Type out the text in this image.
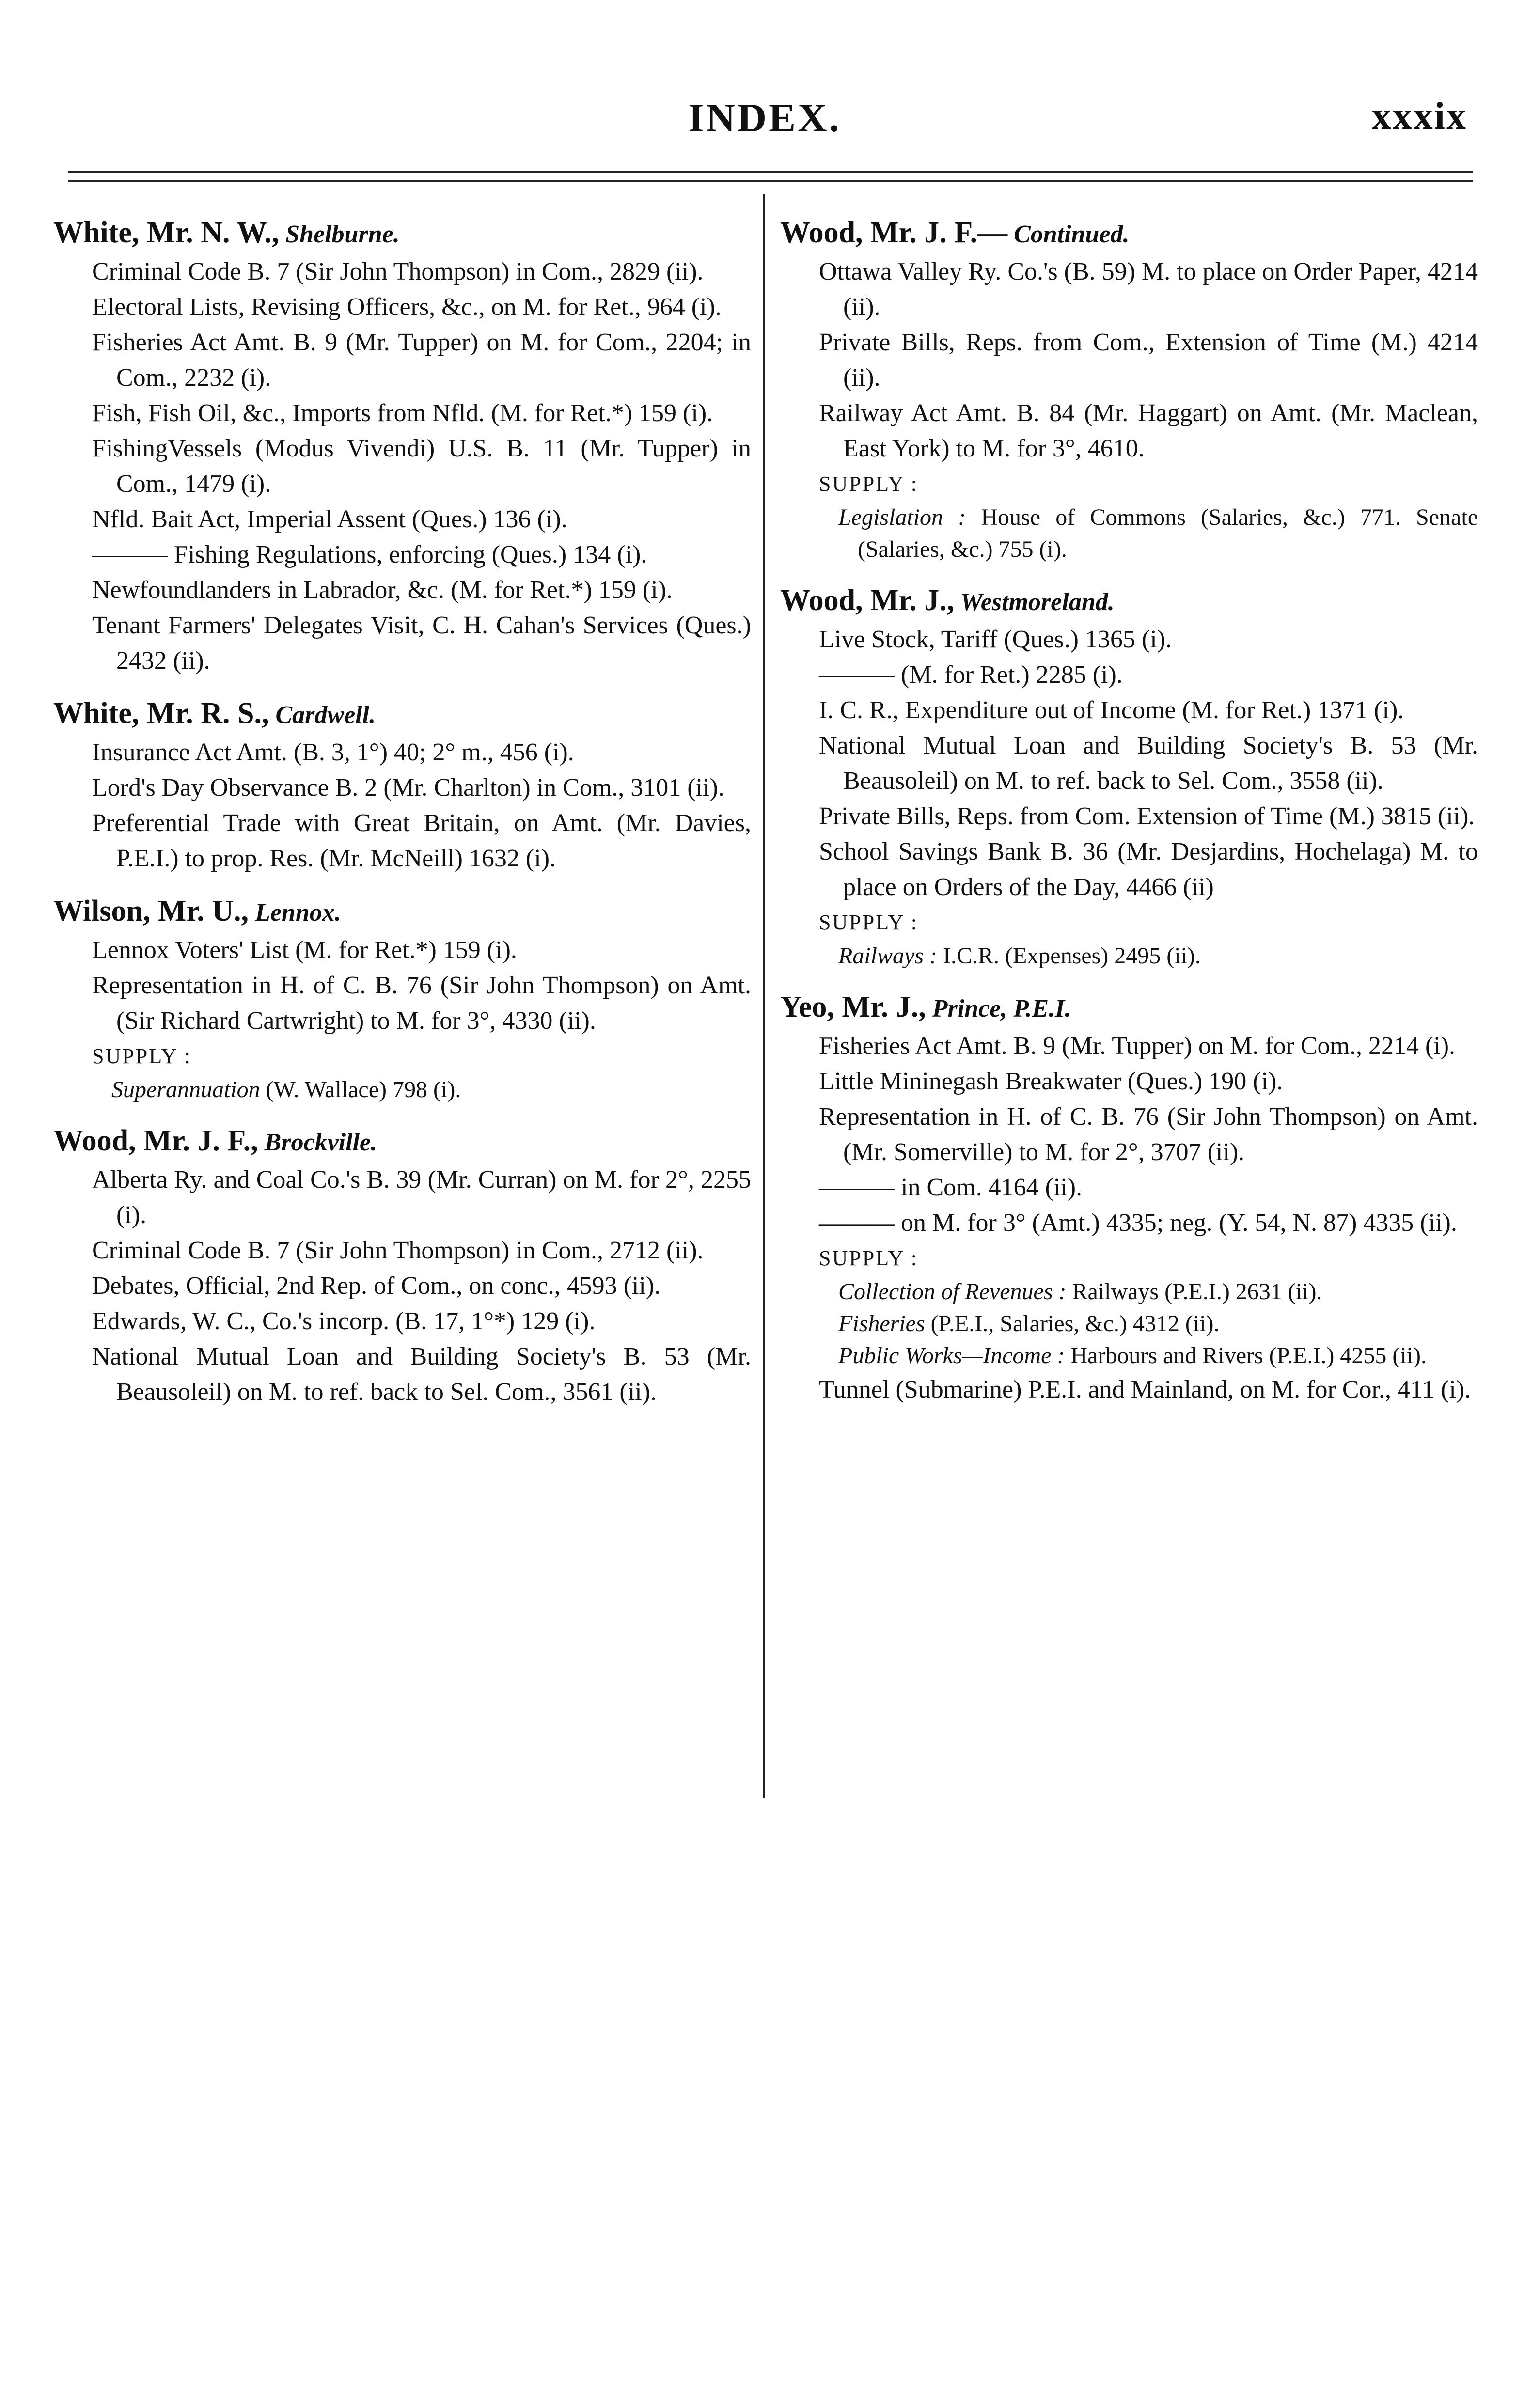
INDEX.	xxxix
White, Mr. N. W., Shelburne.
Criminal Code B. 7 (Sir John Thompson) in Com., 2829 (ii).
Electoral Lists, Revising Officers, &c., on M. for Ret., 964 (i).
Fisheries Act Amt. B. 9 (Mr. Tupper) on M. for Com., 2204; in Com., 2232 (i).
Fish, Fish Oil, &c., Imports from Nfld. (M. for Ret.*) 159 (i).
FishingVessels (Modus Vivendi) U.S. B. 11 (Mr. Tupper) in Com., 1479 (i).
Nfld. Bait Act, Imperial Assent (Ques.) 136 (i).
——— Fishing Regulations, enforcing (Ques.) 134 (i).
Newfoundlanders in Labrador, &c. (M. for Ret.*) 159 (i).
Tenant Farmers' Delegates Visit, C. H. Cahan's Services (Ques.) 2432 (ii).
White, Mr. R. S., Cardwell.
Insurance Act Amt. (B. 3, 1°) 40; 2° m., 456 (i).
Lord's Day Observance B. 2 (Mr. Charlton) in Com., 3101 (ii).
Preferential Trade with Great Britain, on Amt. (Mr. Davies, P.E.I.) to prop. Res. (Mr. McNeill) 1632 (i).
Wilson, Mr. U., Lennox.
Lennox Voters' List (M. for Ret.*) 159 (i).
Representation in H. of C. B. 76 (Sir John Thompson) on Amt. (Sir Richard Cartwright) to M. for 3°, 4330 (ii).
SUPPLY :
Superannuation (W. Wallace) 798 (i).
Wood, Mr. J. F., Brockville.
Alberta Ry. and Coal Co.'s B. 39 (Mr. Curran) on M. for 2°, 2255 (i).
Criminal Code B. 7 (Sir John Thompson) in Com., 2712 (ii).
Debates, Official, 2nd Rep. of Com., on conc., 4593 (ii).
Edwards, W. C., Co.'s incorp. (B. 17, 1°*) 129 (i).
National Mutual Loan and Building Society's B. 53 (Mr. Beausoleil) on M. to ref. back to Sel. Com., 3561 (ii).
Wood, Mr. J. F.— Continued.
Ottawa Valley Ry. Co.'s (B. 59) M. to place on Order Paper, 4214 (ii).
Private Bills, Reps. from Com., Extension of Time (M.) 4214 (ii).
Railway Act Amt. B. 84 (Mr. Haggart) on Amt. (Mr. Maclean, East York) to M. for 3°, 4610.
SUPPLY :
Legislation : House of Commons (Salaries, &c.) 771. Senate (Salaries, &c.) 755 (i).
Wood, Mr. J., Westmoreland.
Live Stock, Tariff (Ques.) 1365 (i).
——— (M. for Ret.) 2285 (i).
I. C. R., Expenditure out of Income (M. for Ret.) 1371 (i).
National Mutual Loan and Building Society's B. 53 (Mr. Beausoleil) on M. to ref. back to Sel. Com., 3558 (ii).
Private Bills, Reps. from Com. Extension of Time (M.) 3815 (ii).
School Savings Bank B. 36 (Mr. Desjardins, Hochelaga) M. to place on Orders of the Day, 4466 (ii)
SUPPLY :
Railways : I.C.R. (Expenses) 2495 (ii).
Yeo, Mr. J., Prince, P.E.I.
Fisheries Act Amt. B. 9 (Mr. Tupper) on M. for Com., 2214 (i).
Little Mininegash Breakwater (Ques.) 190 (i).
Representation in H. of C. B. 76 (Sir John Thompson) on Amt. (Mr. Somerville) to M. for 2°, 3707 (ii).
——— in Com. 4164 (ii).
——— on M. for 3° (Amt.) 4335; neg. (Y. 54, N. 87) 4335 (ii).
SUPPLY :
Collection of Revenues : Railways (P.E.I.) 2631 (ii).
Fisheries (P.E.I., Salaries, &c.) 4312 (ii).
Public Works—Income : Harbours and Rivers (P.E.I.) 4255 (ii).
Tunnel (Submarine) P.E.I. and Mainland, on M. for Cor., 411 (i).
